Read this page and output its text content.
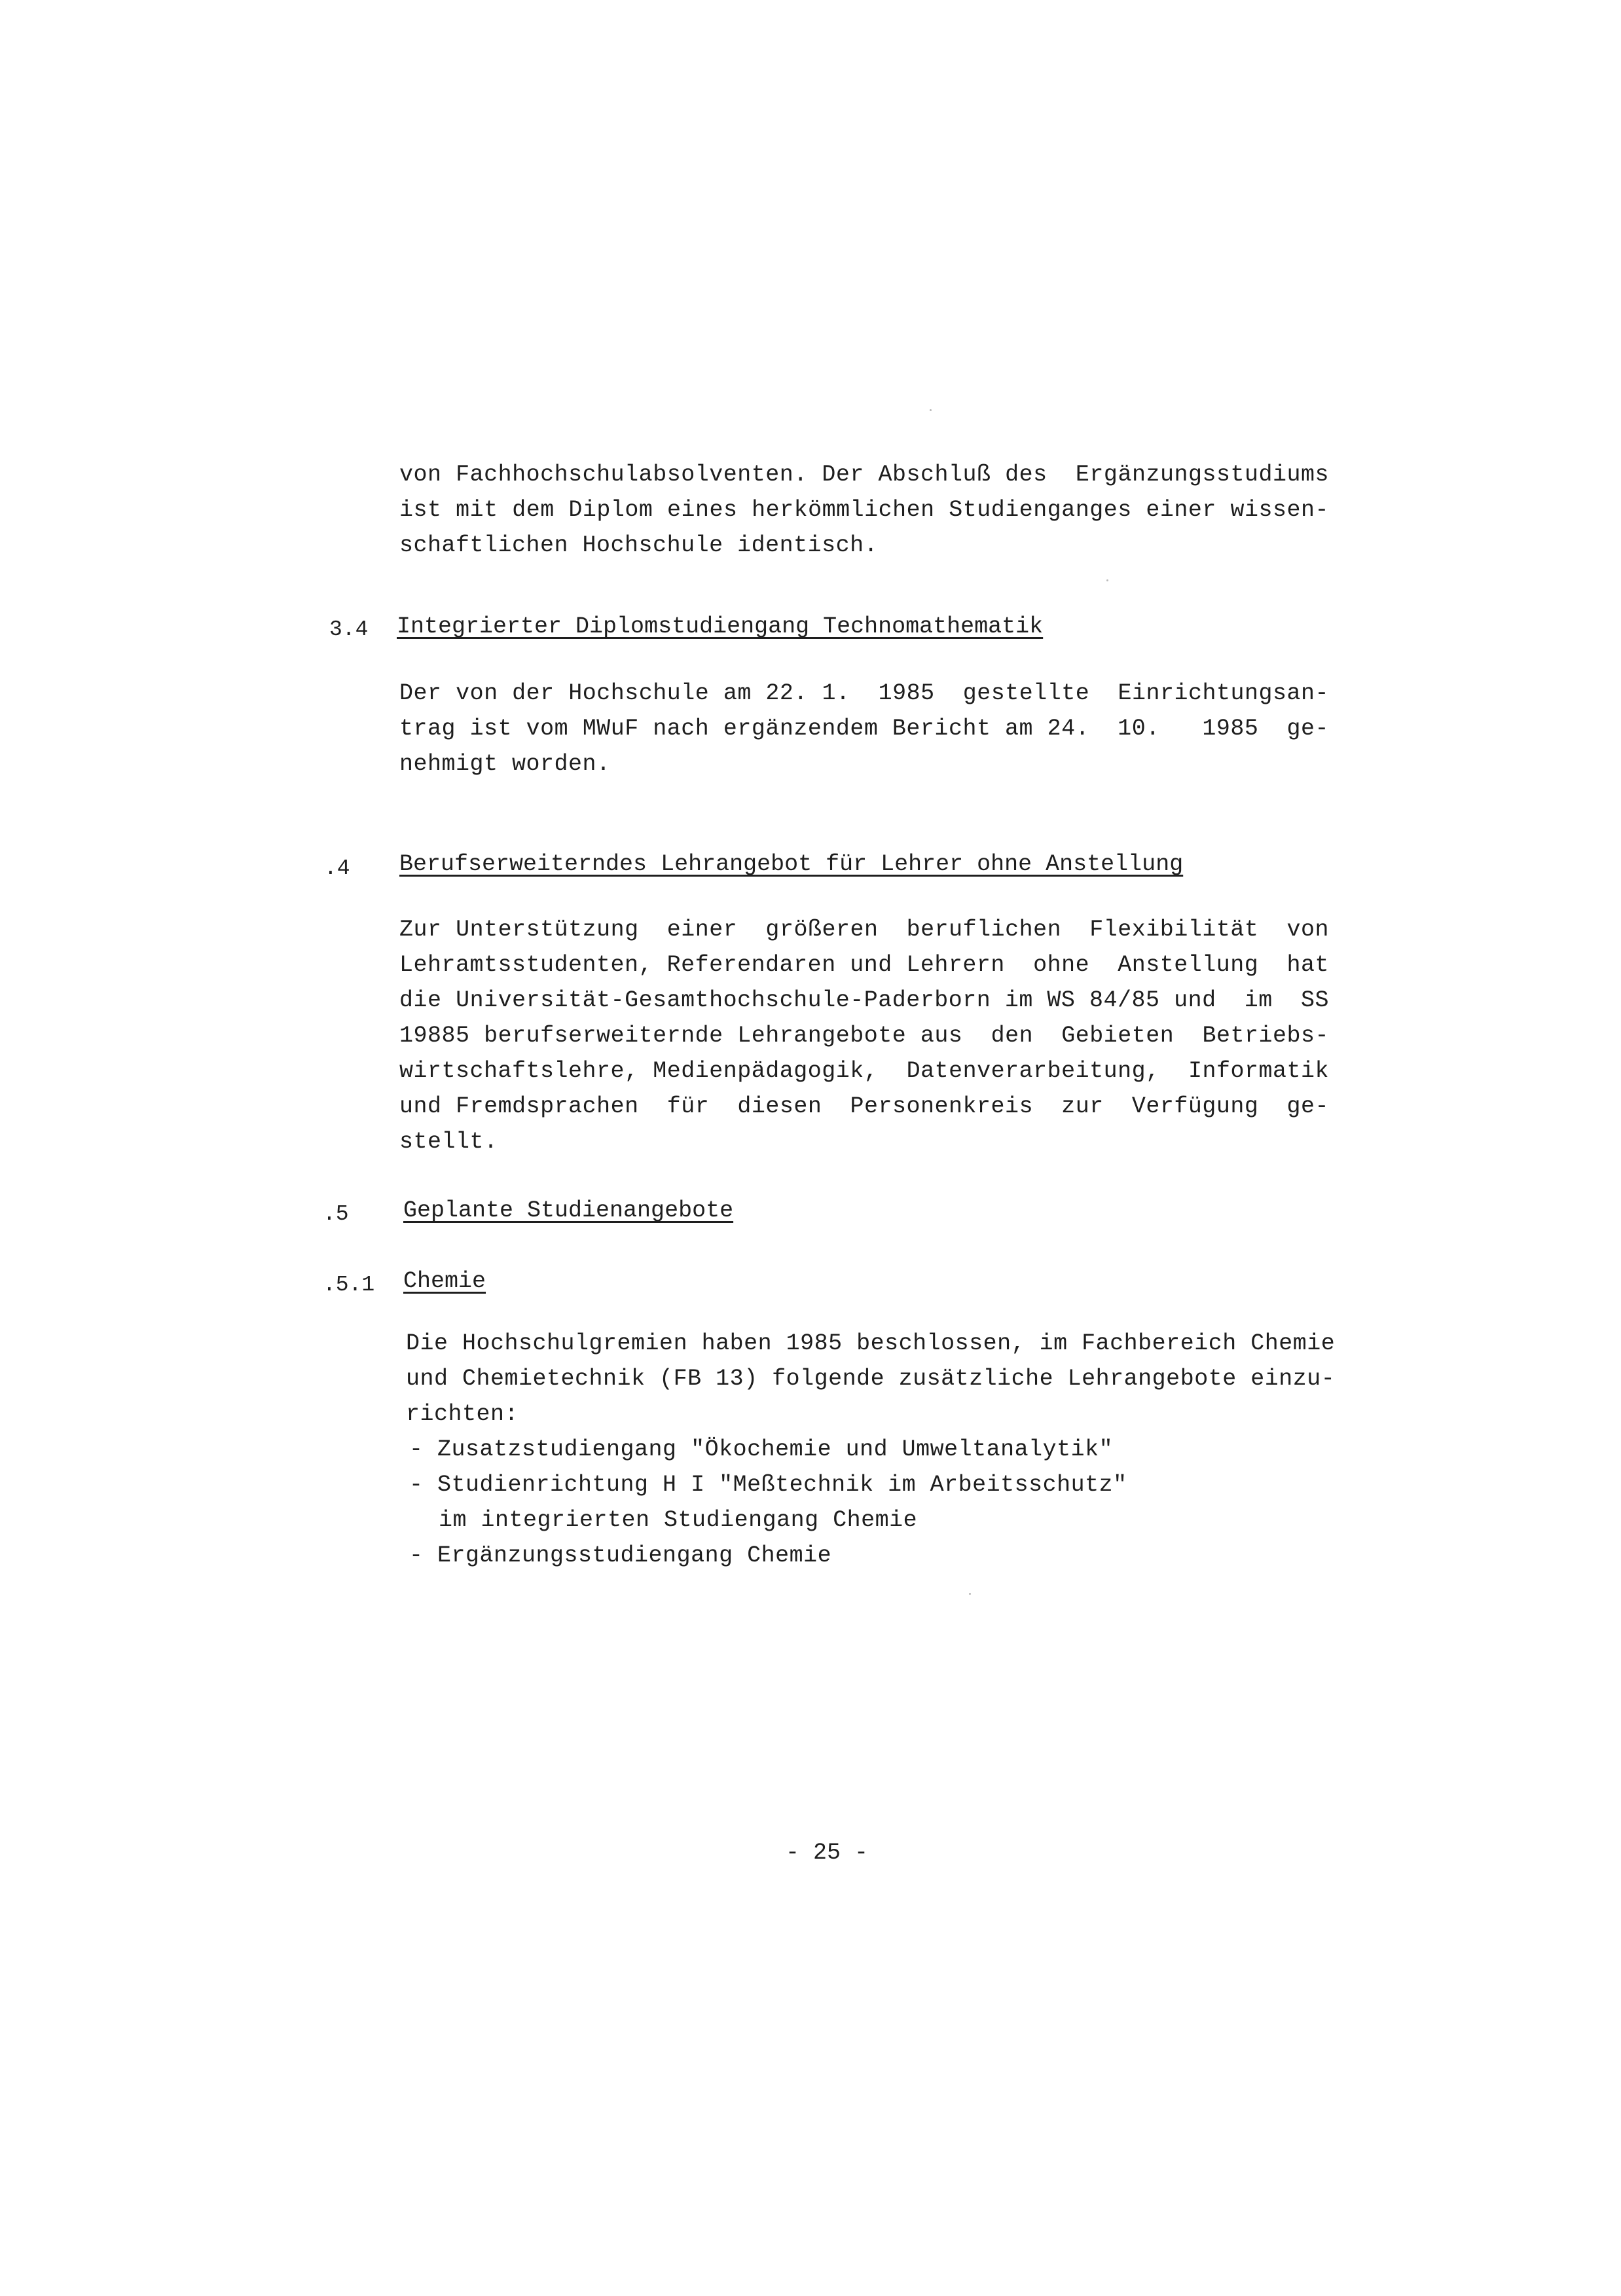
von Fachhochschulabsolventen. Der Abschluß des  Ergänzungsstudiums
ist mit dem Diplom eines herkömmlichen Studienganges einer wissen-
schaftlichen Hochschule identisch.
3.4 Integrierter Diplomstudiengang Technomathematik
Der von der Hochschule am 22. 1.  1985  gestellte  Einrichtungsan-
trag ist vom MWuF nach ergänzendem Bericht am 24.  10.   1985  ge-
nehmigt worden.
.4 Berufserweiterndes Lehrangebot für Lehrer ohne Anstellung
Zur Unterstützung  einer  größeren  beruflichen  Flexibilität  von
Lehramtsstudenten, Referendaren und Lehrern  ohne  Anstellung  hat
die Universität-Gesamthochschule-Paderborn im WS 84/85 und  im  SS
19885 berufserweiternde Lehrangebote aus  den  Gebieten  Betriebs-
wirtschaftslehre, Medienpädagogik,  Datenverarbeitung,  Informatik
und Fremdsprachen  für  diesen  Personenkreis  zur  Verfügung  ge-
stellt.
.5 Geplante Studienangebote
.5.1 Chemie
Die Hochschulgremien haben 1985 beschlossen, im Fachbereich Chemie
und Chemietechnik (FB 13) folgende zusätzliche Lehrangebote einzu-
richten:
- Zusatzstudiengang "Ökochemie und Umweltanalytik"
- Studienrichtung H I "Meßtechnik im Arbeitsschutz"
im integrierten Studiengang Chemie
- Ergänzungsstudiengang Chemie
- 25 -
